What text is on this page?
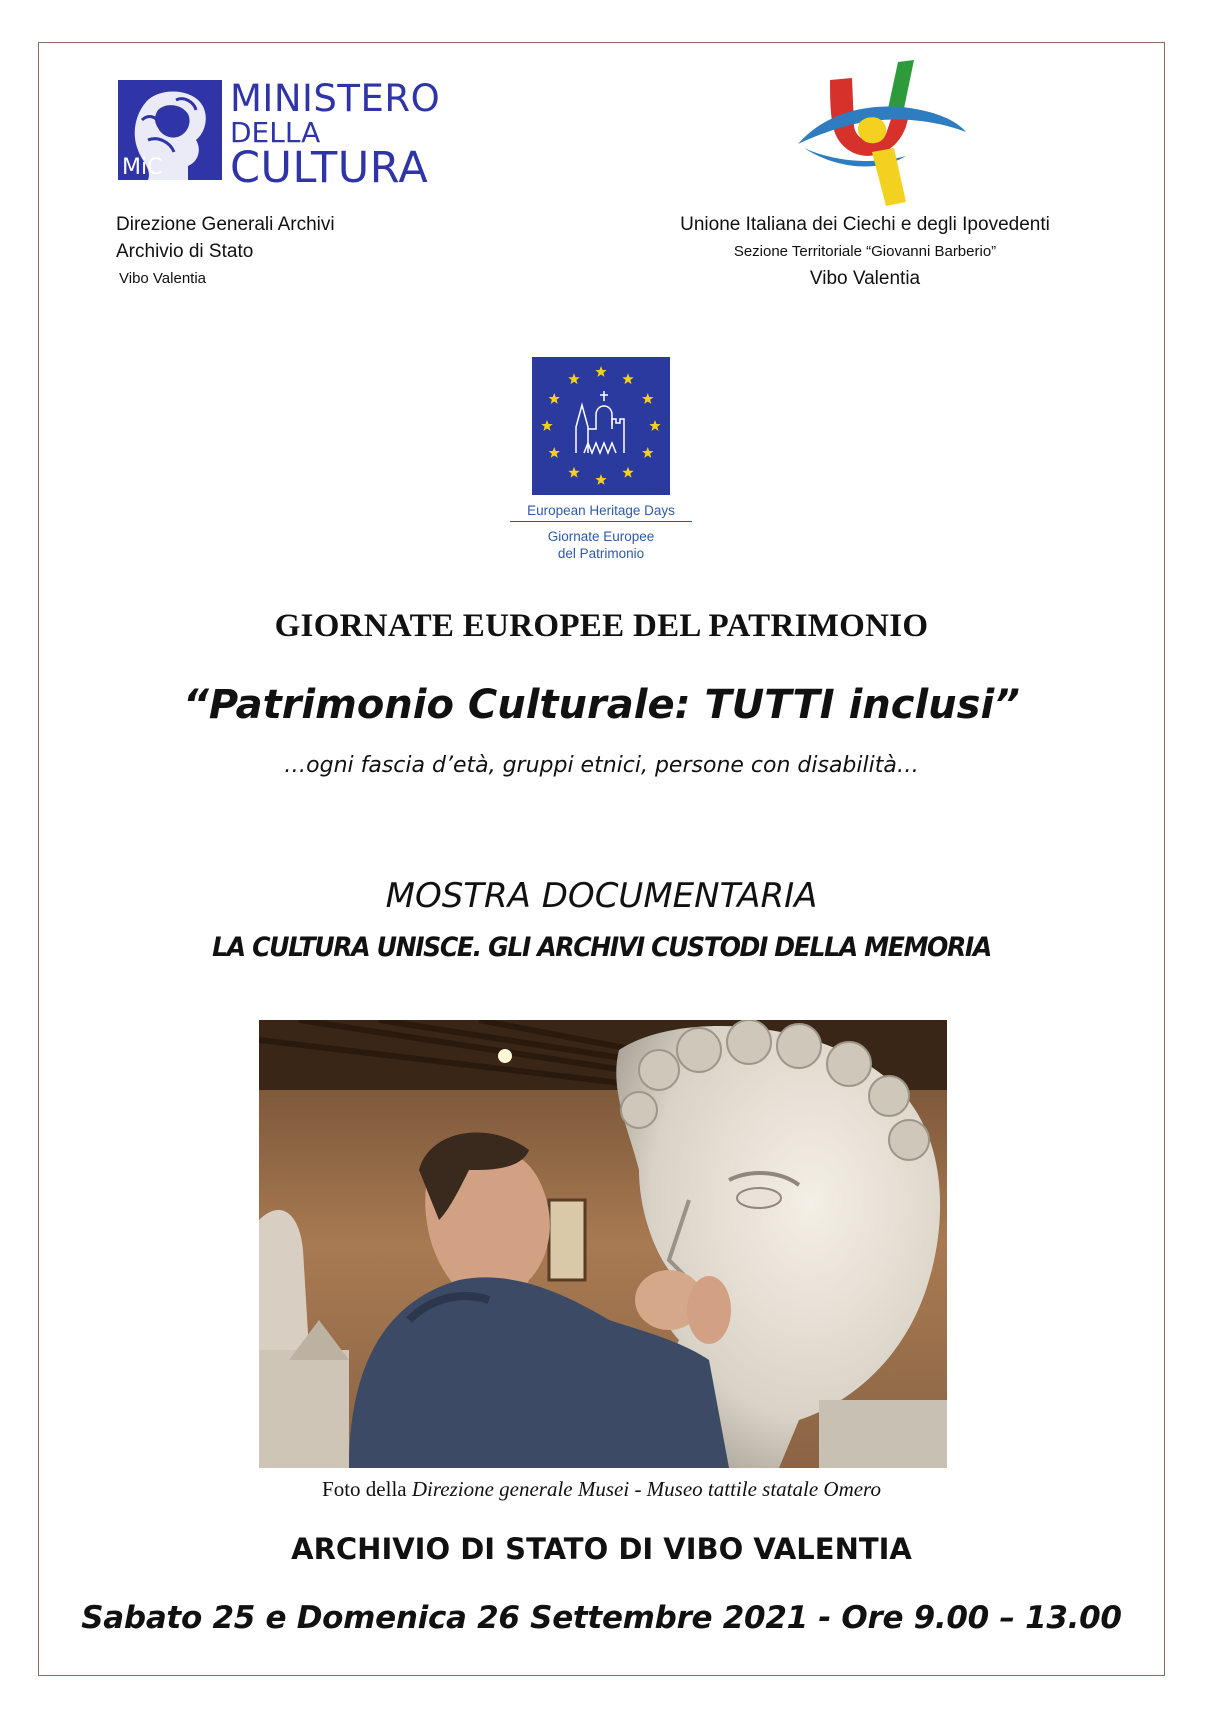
MiC
MINISTERO
DELLA
CULTURA
Direzione Generali Archivi
Archivio di Stato
Vibo Valentia
Unione Italiana dei Ciechi e degli Ipovedenti
Sezione Territoriale “Giovanni Barberio”
Vibo Valentia
European Heritage Days
Giornate Europee
del Patrimonio
GIORNATE EUROPEE DEL PATRIMONIO
“Patrimonio Culturale: TUTTI inclusi”
…ogni fascia d’età, gruppi etnici, persone con disabilità…
MOSTRA DOCUMENTARIA
LA CULTURA UNISCE. GLI ARCHIVI CUSTODI DELLA MEMORIA
Foto della Direzione generale Musei - Museo tattile statale Omero
ARCHIVIO DI STATO DI VIBO VALENTIA
Sabato 25 e Domenica 26 Settembre 2021 - Ore 9.00 – 13.00
